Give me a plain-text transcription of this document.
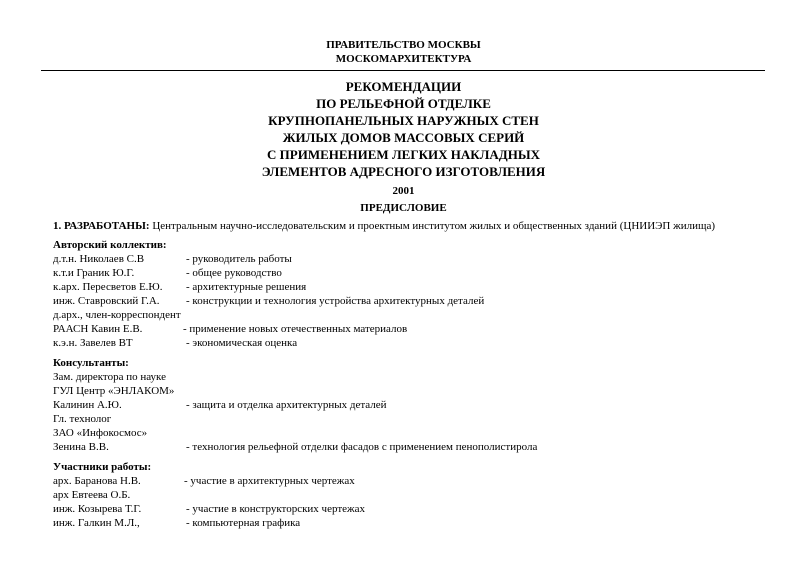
ПРАВИТЕЛЬСТВО МОСКВЫ
МОСКОМАРХИТЕКТУРА
РЕКОМЕНДАЦИИ
ПО РЕЛЬЕФНОЙ ОТДЕЛКЕ
КРУПНОПАНЕЛЬНЫХ НАРУЖНЫХ СТЕН
ЖИЛЫХ ДОМОВ МАССОВЫХ СЕРИЙ
С ПРИМЕНЕНИЕМ ЛЕГКИХ НАКЛАДНЫХ
ЭЛЕМЕНТОВ АДРЕСНОГО ИЗГОТОВЛЕНИЯ
2001
ПРЕДИСЛОВИЕ
1. РАЗРАБОТАНЫ: Центральным научно-исследовательским и проектным институтом жилых и общественных зданий (ЦНИИЭП жилища)
Авторский коллектив:
д.т.н. Николаев С.В	- руководитель работы
к.т.и Граник Ю.Г.	- общее руководство
к.арх. Пересветов Е.Ю. - архитектурные решения
инж. Ставровский Г.А. - конструкции и технология устройства архитектурных деталей
д.арх., член-корреспондент
РААСН Кавин Е.В.	- применение новых отечественных материалов
к.э.н. Завелев ВТ	- экономическая оценка
Консультанты:
Зам. директора по науке
ГУЛ Центр «ЭНЛАКОМ»
Калинин А.Ю.	- защита и отделка архитектурных деталей
Гл. технолог
ЗАО «Инфокосмос»
Зенина В.В.	- технология рельефной отделки фасадов с применением пенополистирола
Участники работы:
арх. Баранова Н.В.	- участие в архитектурных чертежах
арх Евтеева О.Б.
инж. Козырева Т.Г.	- участие в конструкторских чертежах
инж. Галкин М.Л.,	- компьютерная графика
